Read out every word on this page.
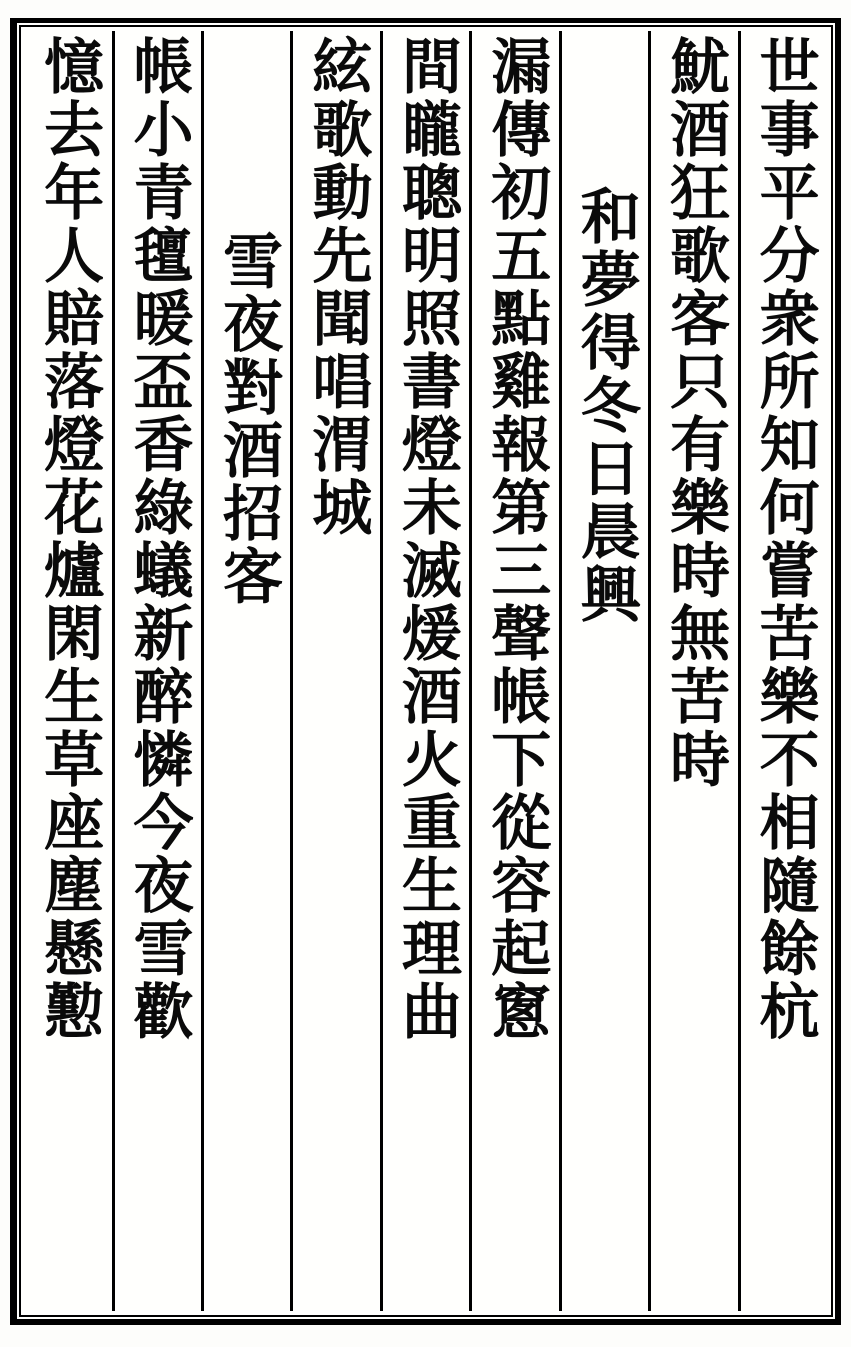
世事平分衆所知何嘗苦樂不相隨餘杭
魷酒狂歌客只有樂時無苦時
和夢得冬日晨興
漏傳初五點雞報第三聲帳下從容起窻
間矓聰明照書燈未滅煖酒火重生理曲
絃歌動先聞唱渭城
雪夜對酒招客
帳小青氊暖盃香綠蟻新醉憐今夜雪歡
憶去年人賠落燈花爐閑生草座塵懸懃
